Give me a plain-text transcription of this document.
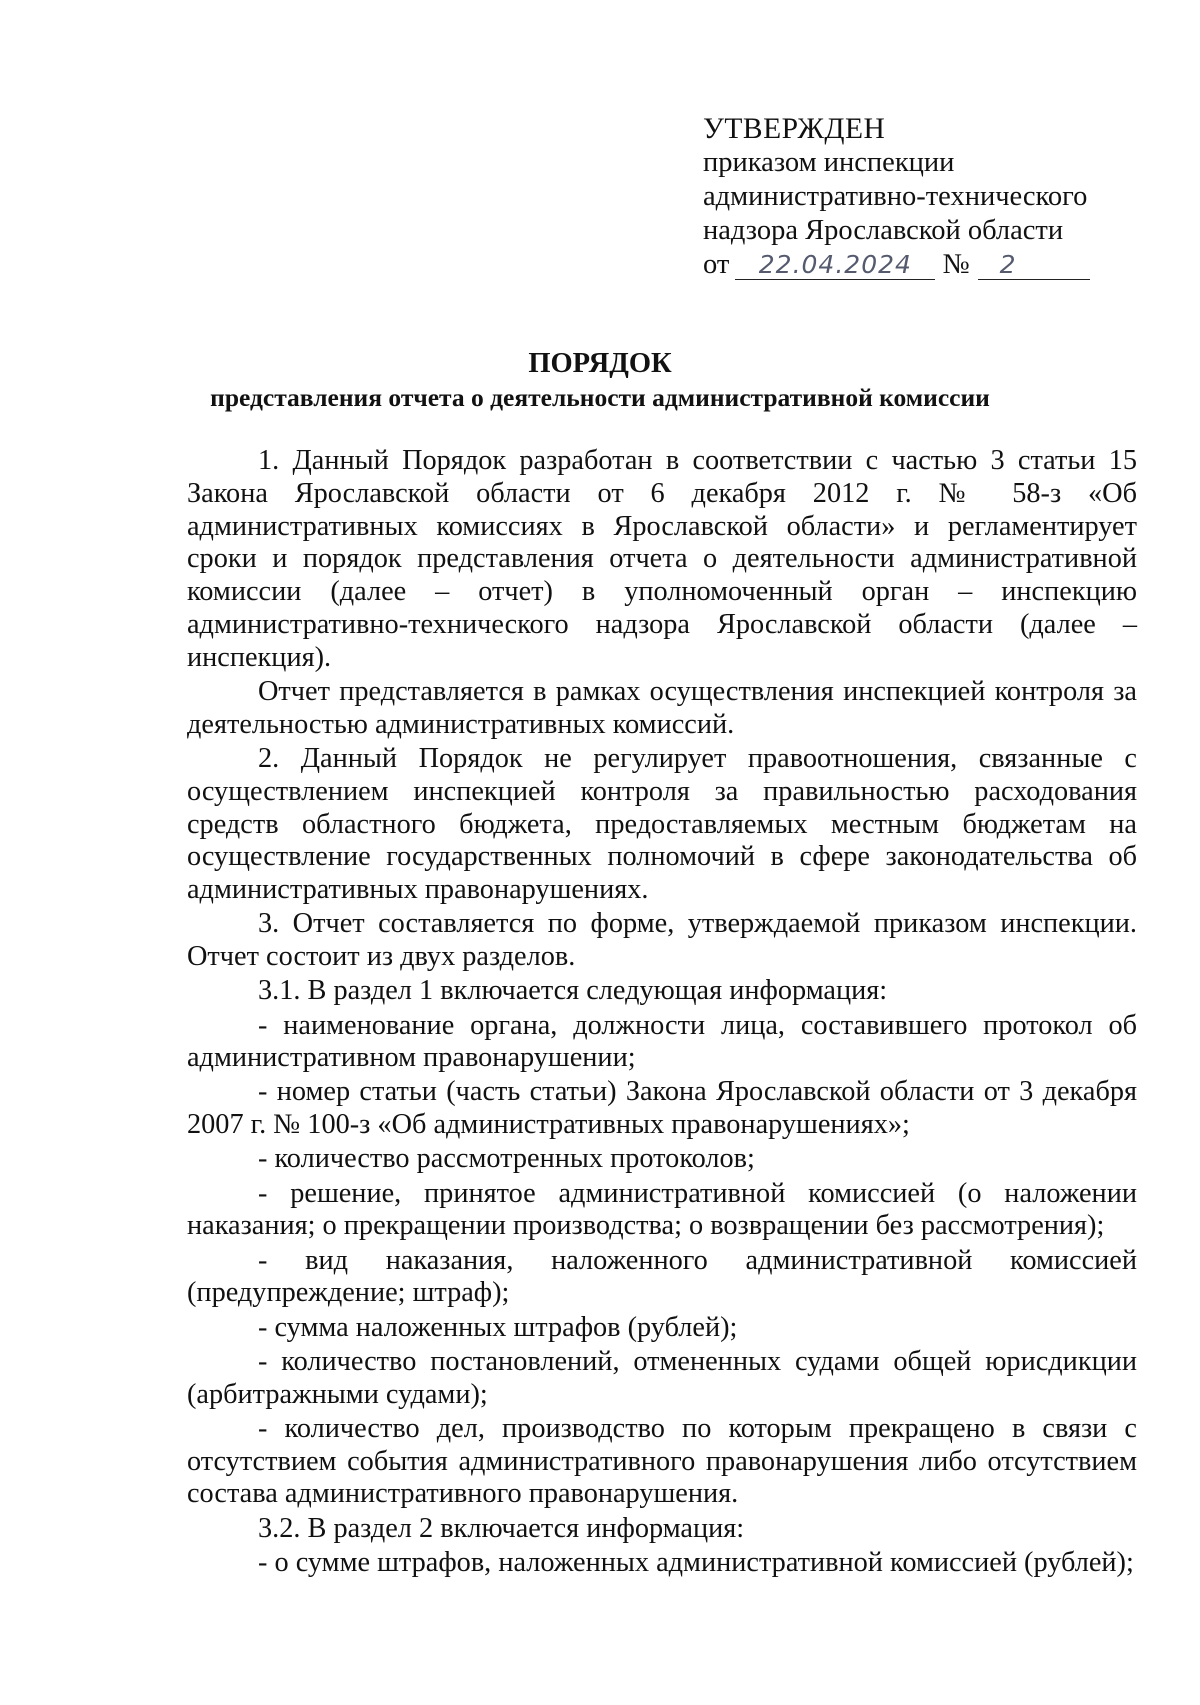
УТВЕРЖДЕН
приказом инспекции
административно-технического
надзора Ярославской области
от 22.04.2024 № 2
ПОРЯДОК
представления отчета о деятельности административной комиссии

1. Данный Порядок разработан в соответствии с частью 3 статьи 15 Закона Ярославской области от 6 декабря 2012 г. № 58-з «Об административных комиссиях в Ярославской области» и регламентирует сроки и порядок представления отчета о деятельности административной комиссии (далее – отчет) в уполномоченный орган – инспекцию административно-технического надзора Ярославской области (далее – инспекция).

Отчет представляется в рамках осуществления инспекцией контроля за деятельностью административных комиссий.

2. Данный Порядок не регулирует правоотношения, связанные с осуществлением инспекцией контроля за правильностью расходования средств областного бюджета, предоставляемых местным бюджетам на осуществление государственных полномочий в сфере законодательства об административных правонарушениях.

3. Отчет составляется по форме, утверждаемой приказом инспекции. Отчет состоит из двух разделов.

3.1. В раздел 1 включается следующая информация:

- наименование органа, должности лица, составившего протокол об административном правонарушении;

- номер статьи (часть статьи) Закона Ярославской области от 3 декабря 2007 г. № 100-з «Об административных правонарушениях»;

- количество рассмотренных протоколов;

- решение, принятое административной комиссией (о наложении наказания; о прекращении производства; о возвращении без рассмотрения);

- вид наказания, наложенного административной комиссией (предупреждение; штраф);

- сумма наложенных штрафов (рублей);

- количество постановлений, отмененных судами общей юрисдикции (арбитражными судами);

- количество дел, производство по которым прекращено в связи с отсутствием события административного правонарушения либо отсутствием состава административного правонарушения.

3.2. В раздел 2 включается информация:

- о сумме штрафов, наложенных административной комиссией (рублей);
